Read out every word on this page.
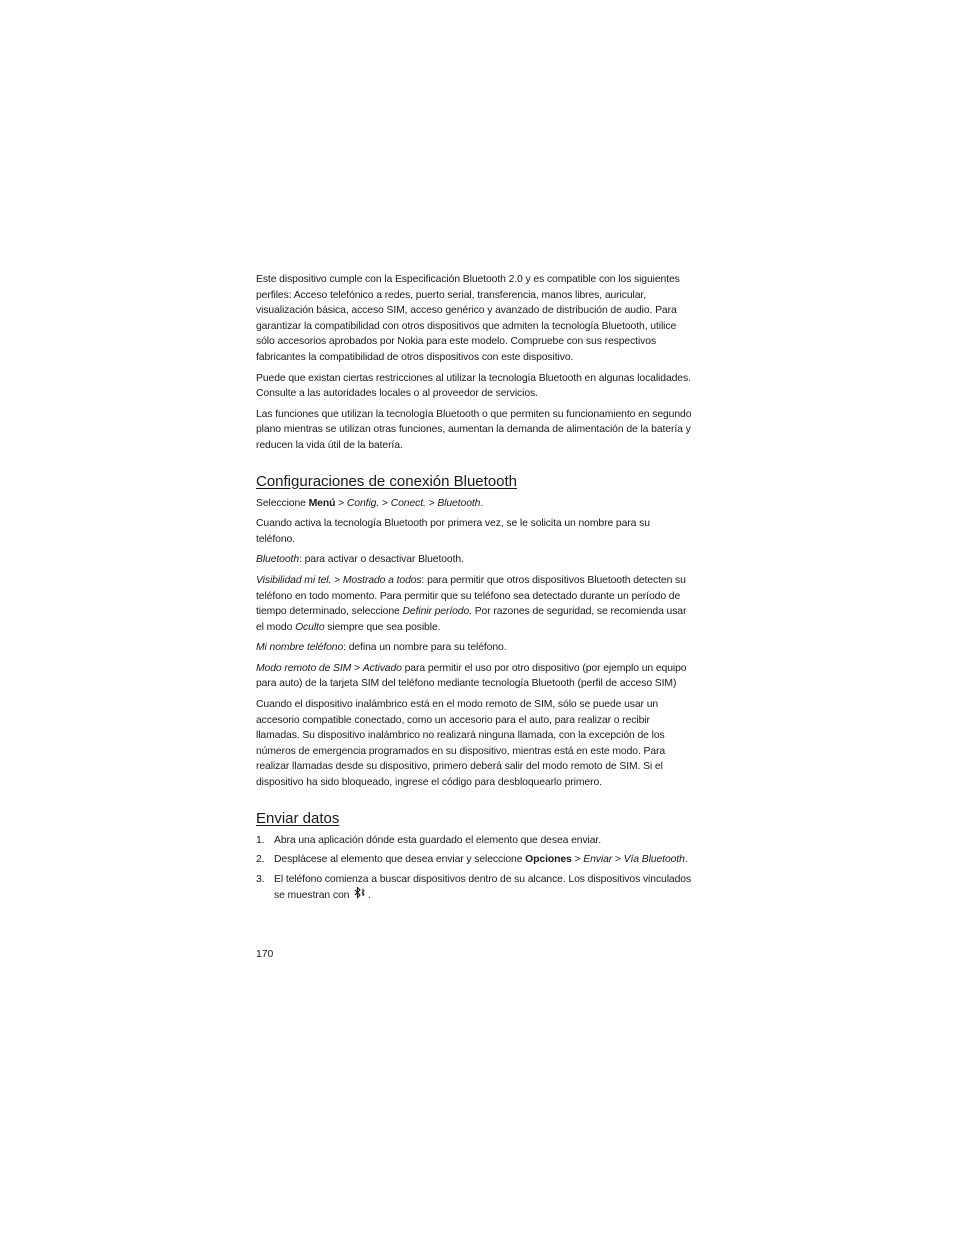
Este dispositivo cumple con la Especificación Bluetooth 2.0 y es compatible con los siguientes perfiles: Acceso telefónico a redes, puerto serial, transferencia, manos libres, auricular, visualización básica, acceso SIM, acceso genérico y avanzado de distribución de audio. Para garantizar la compatibilidad con otros dispositivos que admiten la tecnología Bluetooth, utilice sólo accesorios aprobados por Nokia para este modelo. Compruebe con sus respectivos fabricantes la compatibilidad de otros dispositivos con este dispositivo.

Puede que existan ciertas restricciones al utilizar la tecnología Bluetooth en algunas localidades. Consulte a las autoridades locales o al proveedor de servicios.

Las funciones que utilizan la tecnología Bluetooth o que permiten su funcionamiento en segundo plano mientras se utilizan otras funciones, aumentan la demanda de alimentación de la batería y reducen la vida útil de la batería.

Configuraciones de conexión Bluetooth

Seleccione Menú > Config. > Conect. > Bluetooth.

Cuando activa la tecnología Bluetooth por primera vez, se le solicita un nombre para su teléfono.

Bluetooth: para activar o desactivar Bluetooth.

Visibilidad mi tel. > Mostrado a todos: para permitir que otros dispositivos Bluetooth detecten su teléfono en todo momento. Para permitir que su teléfono sea detectado durante un período de tiempo determinado, seleccione Definir período. Por razones de seguridad, se recomienda usar el modo Oculto siempre que sea posible.

Mi nombre teléfono: defina un nombre para su teléfono.

Modo remoto de SIM > Activado para permitir el uso por otro dispositivo (por ejemplo un equipo para auto) de la tarjeta SIM del teléfono mediante tecnología Bluetooth (perfil de acceso SIM)

Cuando el dispositivo inalámbrico está en el modo remoto de SIM, sólo se puede usar un accesorio compatible conectado, como un accesorio para el auto, para realizar o recibir llamadas. Su dispositivo inalámbrico no realizará ninguna llamada, con la excepción de los números de emergencia programados en su dispositivo, mientras está en este modo. Para realizar llamadas desde su dispositivo, primero deberá salir del modo remoto de SIM. Si el dispositivo ha sido bloqueado, ingrese el código para desbloquearlo primero.

Enviar datos
1. Abra una aplicación dónde esta guardado el elemento que desea enviar.
2. Desplácese al elemento que desea enviar y seleccione Opciones > Enviar > Vía Bluetooth.
3. El teléfono comienza a buscar dispositivos dentro de su alcance. Los dispositivos vinculados se muestran con .
170
